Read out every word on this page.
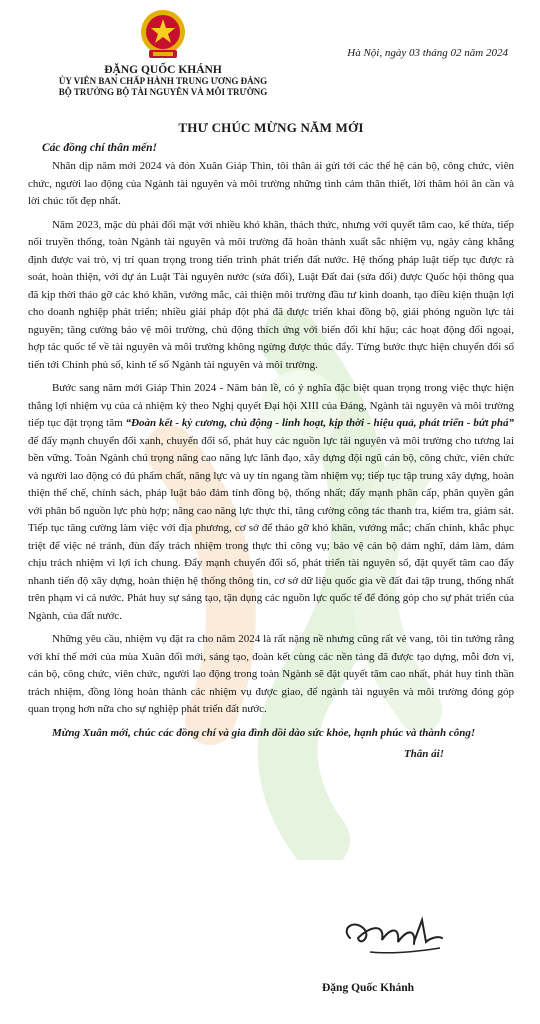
ĐẶNG QUỐC KHÁNH
ỦY VIÊN BAN CHẤP HÀNH TRUNG ƯƠNG ĐẢNG
BỘ TRƯỞNG BỘ TÀI NGUYÊN VÀ MÔI TRƯỜNG
Hà Nội, ngày 03 tháng 02 năm 2024
THƯ CHÚC MỪNG NĂM MỚI
Các đồng chí thân mến!

Nhân dịp năm mới 2024 và đón Xuân Giáp Thìn, tôi thân ái gửi tới các thế hệ cán bộ, công chức, viên chức, người lao động của Ngành tài nguyên và môi trường những tình cảm thân thiết, lời thăm hỏi ân cần và lời chúc tốt đẹp nhất.

Năm 2023, mặc dù phải đối mặt với nhiều khó khăn, thách thức, nhưng với quyết tâm cao, kế thừa, tiếp nối truyền thống, toàn Ngành tài nguyên và môi trường đã hoàn thành xuất sắc nhiệm vụ, ngày càng khẳng định được vai trò, vị trí quan trọng trong tiến trình phát triển đất nước. Hệ thống pháp luật tiếp tục được rà soát, hoàn thiện, với dự án Luật Tài nguyên nước (sửa đổi), Luật Đất đai (sửa đổi) được Quốc hội thông qua đã kịp thời tháo gỡ các khó khăn, vướng mắc, cải thiện môi trường đầu tư kinh doanh, tạo điều kiện thuận lợi cho doanh nghiệp phát triển; nhiều giải pháp đột phá đã được triển khai đồng bộ, giải phóng nguồn lực tài nguyên; tăng cường bảo vệ môi trường, chủ động thích ứng với biến đổi khí hậu; các hoạt động đối ngoại, hợp tác quốc tế về tài nguyên và môi trường không ngừng được thúc đẩy. Từng bước thực hiện chuyển đổi số tiến tới Chính phủ số, kinh tế số Ngành tài nguyên và môi trường.

Bước sang năm mới Giáp Thìn 2024 - Năm bản lề, có ý nghĩa đặc biệt quan trọng trong việc thực hiện thắng lợi nhiệm vụ của cả nhiệm kỳ theo Nghị quyết Đại hội XIII của Đảng, Ngành tài nguyên và môi trường tiếp tục đặt trọng tâm “Đoàn kết - kỷ cương, chủ động - linh hoạt, kịp thời - hiệu quả, phát triển - bứt phá” để đẩy mạnh chuyển đổi xanh, chuyển đổi số, phát huy các nguồn lực tài nguyên và môi trường cho tương lai bền vững. Toàn Ngành chú trọng nâng cao năng lực lãnh đạo, xây dựng đội ngũ cán bộ, công chức, viên chức và người lao động có đủ phẩm chất, năng lực và uy tín ngang tầm nhiệm vụ; tiếp tục tập trung xây dựng, hoàn thiện thể chế, chính sách, pháp luật bảo đảm tính đồng bộ, thống nhất; đẩy mạnh phân cấp, phân quyền gắn với phân bổ nguồn lực phù hợp; nâng cao năng lực thực thi, tăng cường công tác thanh tra, kiểm tra, giám sát. Tiếp tục tăng cường làm việc với địa phương, cơ sở để tháo gỡ khó khăn, vướng mắc; chấn chỉnh, khắc phục triệt để việc né tránh, đùn đẩy trách nhiệm trong thực thi công vụ; bảo vệ cán bộ dám nghĩ, dám làm, dám chịu trách nhiệm vì lợi ích chung. Đẩy mạnh chuyển đổi số, phát triển tài nguyên số, đặt quyết tâm cao đẩy nhanh tiến độ xây dựng, hoàn thiện hệ thống thông tin, cơ sở dữ liệu quốc gia về đất đai tập trung, thống nhất trên phạm vi cả nước. Phát huy sự sáng tạo, tận dụng các nguồn lực quốc tế để đóng góp cho sự phát triển của Ngành, của đất nước.

Những yêu cầu, nhiệm vụ đặt ra cho năm 2024 là rất nặng nề nhưng cũng rất vẻ vang, tôi tin tưởng rằng với khí thế mới của mùa Xuân đổi mới, sáng tạo, đoàn kết cùng các nền tảng đã được tạo dựng, mỗi đơn vị, cán bộ, công chức, viên chức, người lao động trong toàn Ngành sẽ đặt quyết tâm cao nhất, phát huy tinh thần trách nhiệm, đồng lòng hoàn thành các nhiệm vụ được giao, để ngành tài nguyên và môi trường đóng góp quan trọng hơn nữa cho sự nghiệp phát triển đất nước.

Mừng Xuân mới, chúc các đồng chí và gia đình dồi dào sức khỏe, hạnh phúc và thành công!
Thân ái!
Đặng Quốc Khánh
